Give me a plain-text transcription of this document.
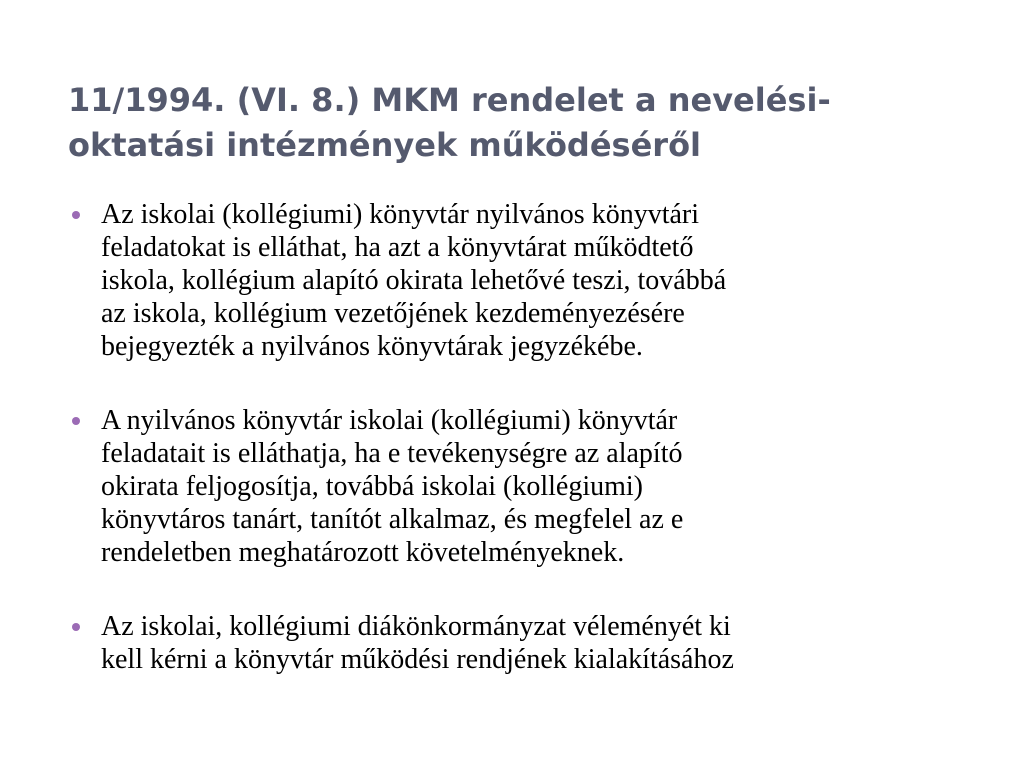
11/1994. (VI. 8.) MKM rendelet a nevelési-
oktatási intézmények működéséről
Az iskolai (kollégiumi) könyvtár nyilvános könyvtári
feladatokat is elláthat, ha azt a könyvtárat működtető
iskola, kollégium alapító okirata lehetővé teszi, továbbá
az iskola, kollégium vezetőjének kezdeményezésére
bejegyezték a nyilvános könyvtárak jegyzékébe.
A nyilvános könyvtár iskolai (kollégiumi) könyvtár
feladatait is elláthatja, ha e tevékenységre az alapító
okirata feljogosítja, továbbá iskolai (kollégiumi)
könyvtáros tanárt, tanítót alkalmaz, és megfelel az e
rendeletben meghatározott követelményeknek.
Az iskolai, kollégiumi diákönkormányzat véleményét ki
kell kérni a könyvtár működési rendjének kialakításához
